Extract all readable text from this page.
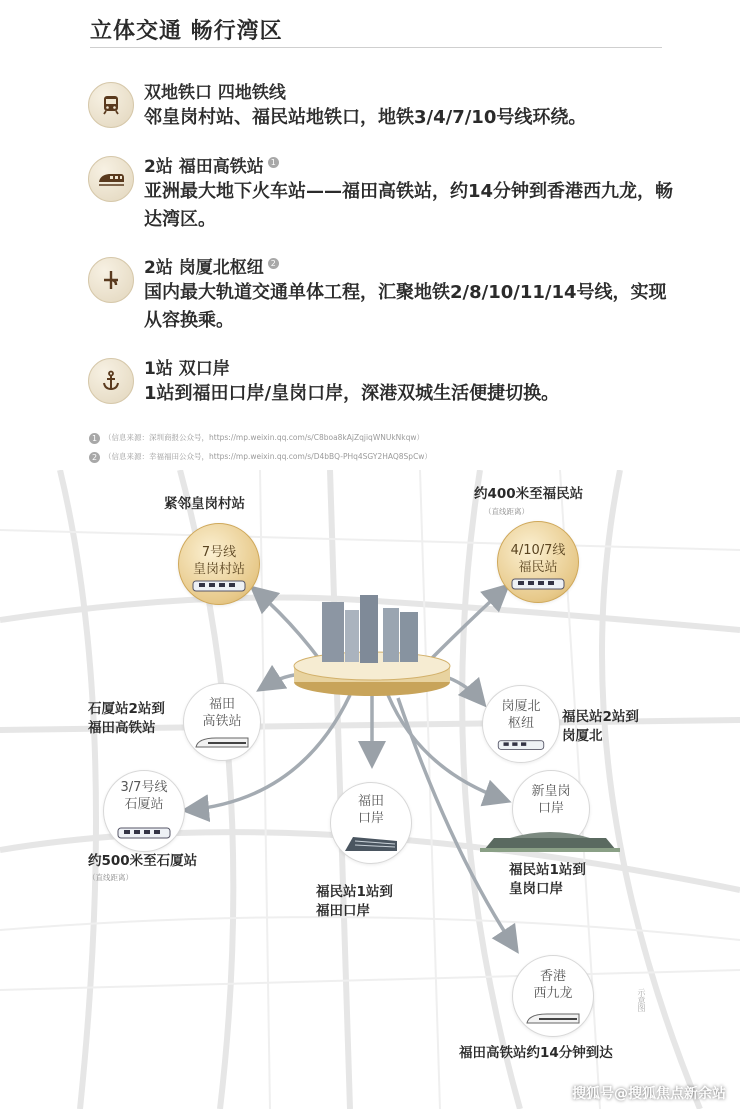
立体交通 畅行湾区
双地铁口 四地铁线
邻皇岗村站、福民站地铁口，地铁3/4/7/10号线环绕。
2站 福田高铁站 1
亚洲最大地下火车站——福田高铁站，约14分钟到香港西九龙，畅达湾区。
2站 岗厦北枢纽 2
国内最大轨道交通单体工程，汇聚地铁2/8/10/11/14号线，实现从容换乘。
1站 双口岸
1站到福田口岸/皇岗口岸，深港双城生活便捷切换。
1 （信息来源：深圳商报公众号，https://mp.weixin.qq.com/s/C8boa8kAjZqjiqWNUkNkqw）
2 （信息来源：幸福福田公众号，https://mp.weixin.qq.com/s/D4bBQ-PHq4SGY2HAQ8SpCw）
7号线
皇岗村站
4/10/7线
福民站
福田
高铁站
岗厦北
枢纽
3/7号线
石厦站	福田
口岸
新皇岗
口岸
香港
西九龙
紧邻皇岗村站
约400米至福民站
（直线距离）
石厦站2站到
福田高铁站
福民站2站到
岗厦北
约500米至石厦站
（直线距离）
福民站1站到
福田口岸
福民站1站到
皇岗口岸
福田高铁站约14分钟到达
示意图
搜狐号@搜狐焦点新余站
